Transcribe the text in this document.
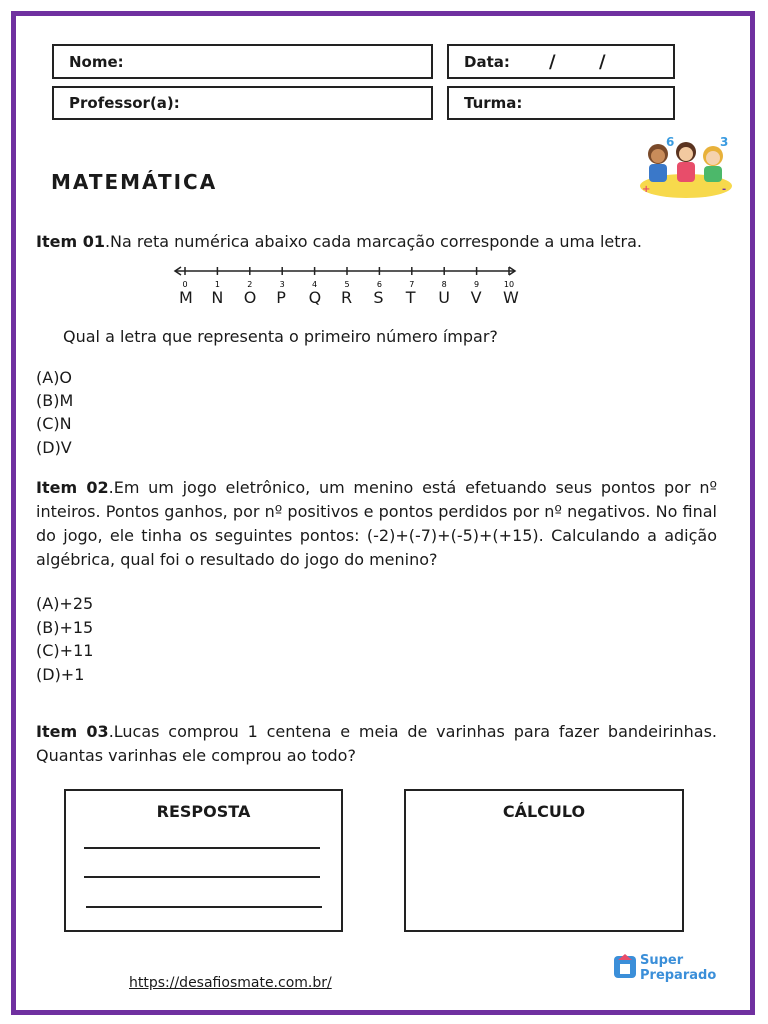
Nome:	Data: / /
Professor(a):	Turma:
MATEMÁTICA
6	3
+	-
Item 01.Na reta numérica abaixo cada marcação corresponde a uma letra.
0	1	2	3	4	5	6	7	8	9	10
M N O P Q R S T U V W
Qual a letra que representa o primeiro número ímpar?
(A)O
(B)M
(C)N
(D)V
Item 02.Em um jogo eletrônico, um menino está efetuando seus pontos por nº inteiros. Pontos ganhos, por nº positivos e pontos perdidos por nº negativos. No final do jogo, ele tinha os seguintes pontos: (-2)+(-7)+(-5)+(+15). Calculando a adição algébrica, qual foi o resultado do jogo do menino?
(A)+25
(B)+15
(C)+11
(D)+1
Item 03.Lucas comprou 1 centena e meia de varinhas para fazer bandeirinhas. Quantas varinhas ele comprou ao todo?
RESPOSTA	CÁLCULO
https://desafiosmate.com.br/
Super
Preparado
